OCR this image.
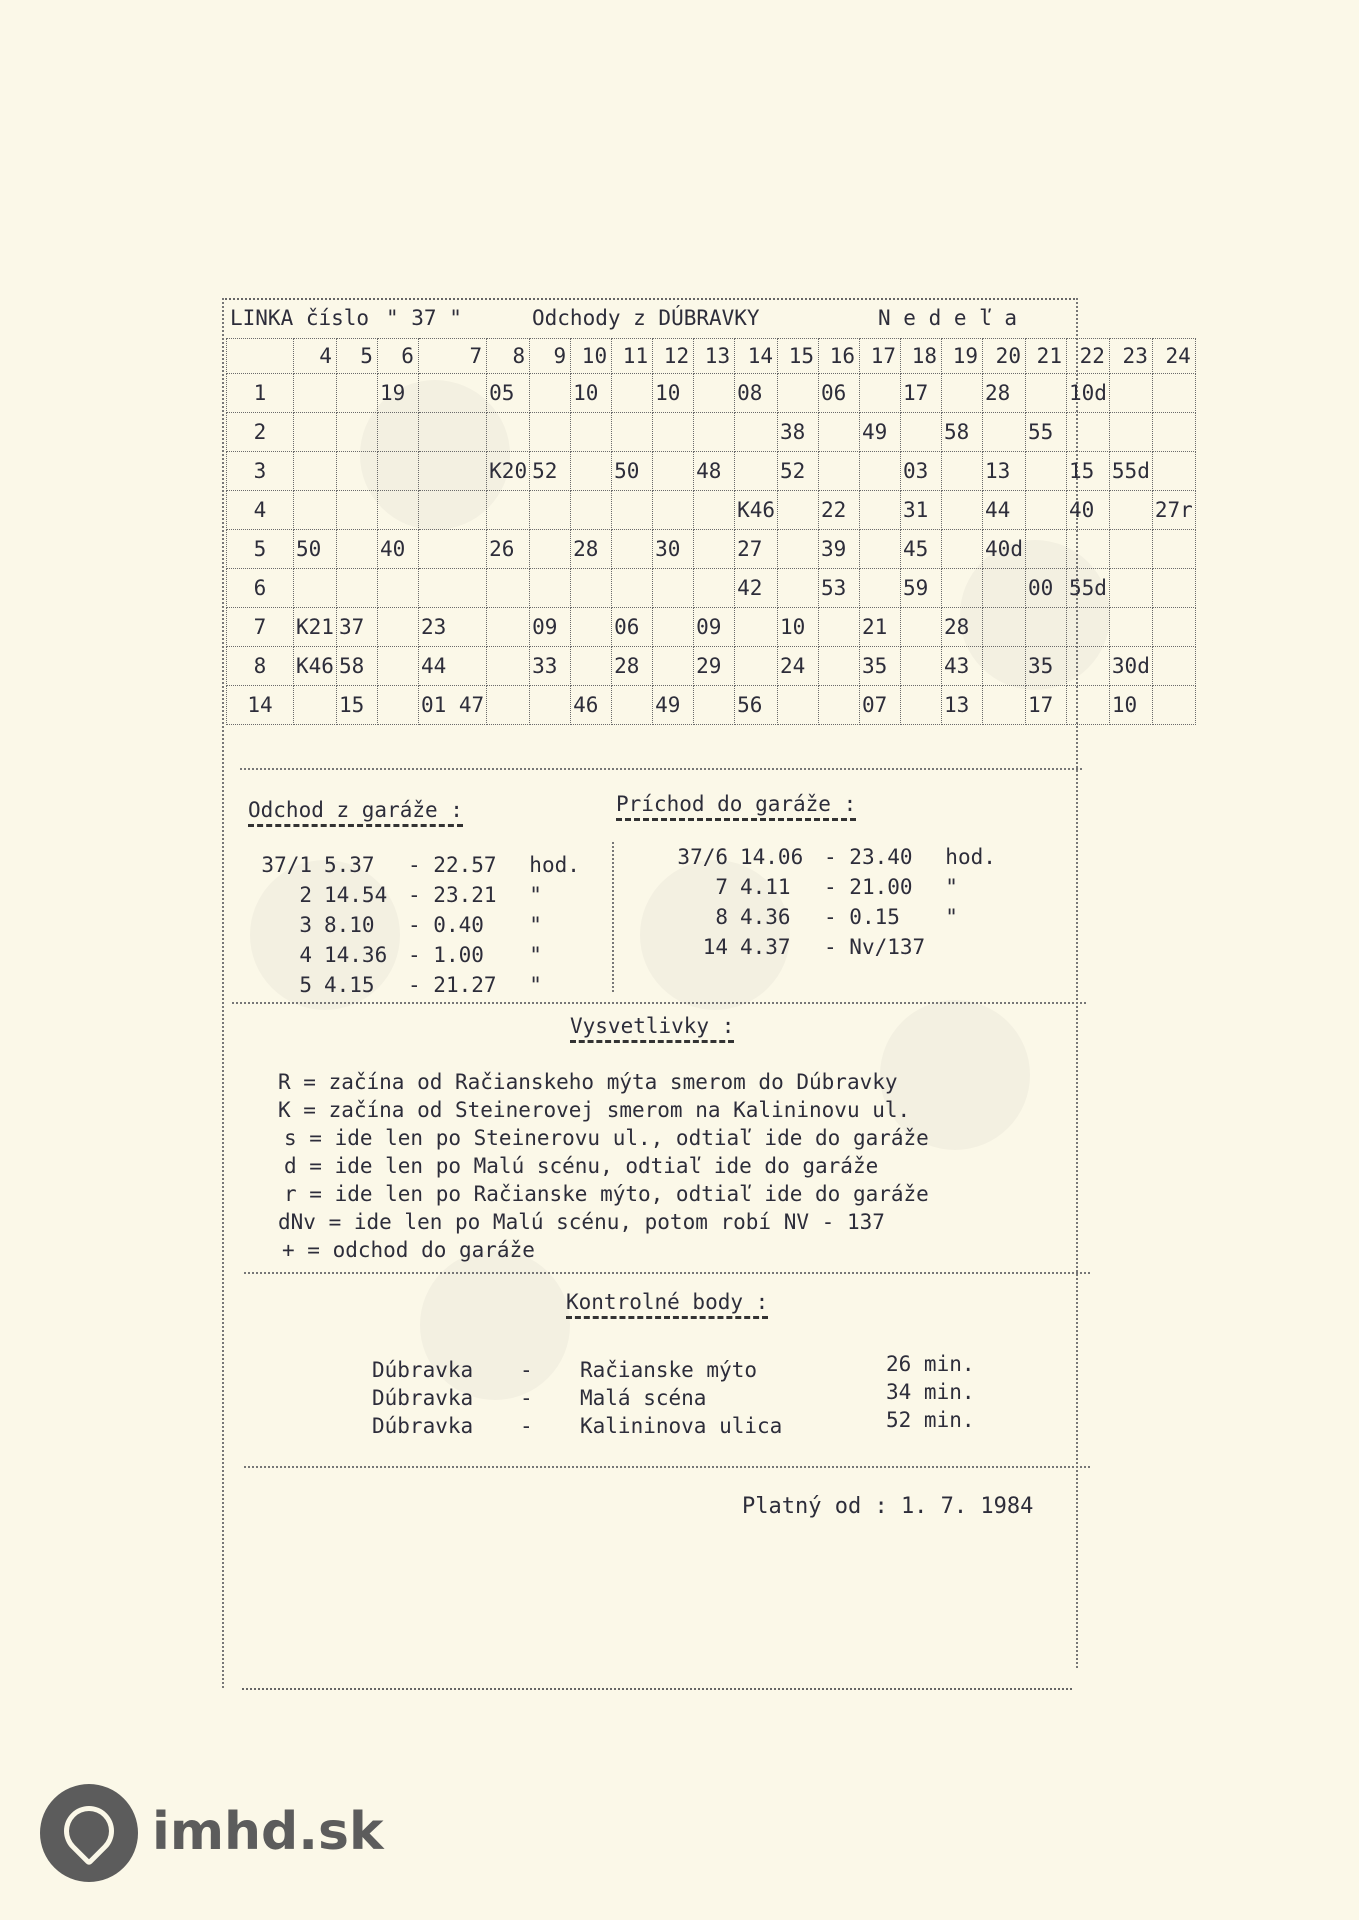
LINKA číslo " 37 "	Odchody z DÚBRAVKY	N e d e ľ a
	4	5	6	7	8	9	10	11	12	13	14	15	16	17	18	19	20	21	22	23	24
1			19		05		10		10		08		06		17		28		10d		
2												38		49		58		55			
3					K20	52		50		48		52			03		13		15	55d	
4											K46		22		31		44		40		27r
5	50		40		26		28		30		27		39		45		40d				
6											42		53		59			00	55d		
7	K21	37		23		09		06		09		10		21		28					
8	K46	58		44		33		28		29		24		35		43		35		30d	
14		15		01 47			46		49		56			07		13		17		10	
Odchod z garáže :	Príchod do garáže :
37/1 5.37 - 22.57 hod.
2 14.54 - 23.21 "
3 8.10 - 0.40 "
4 14.36 - 1.00 "
5 4.15 - 21.27 "
37/6 14.06 - 23.40 hod.
7 4.11 - 21.00 "
8 4.36 - 0.15 "
14 4.37 - Nv/137
Vysvetlivky :
R = začína od Račianskeho mýta smerom do Dúbravky
K = začína od Steinerovej smerom na Kalininovu ul.
s = ide len po Steinerovu ul., odtiaľ ide do garáže
d = ide len po Malú scénu, odtiaľ ide do garáže
r = ide len po Račianske mýto, odtiaľ ide do garáže
dNv = ide len po Malú scénu, potom robí NV - 137
+ = odchod do garáže
Kontrolné body :
Dúbravka - Račianske mýto	26 min.
Dúbravka - Malá scéna	34 min.
Dúbravka - Kalininova ulica	52 min.
Platný od : 1. 7. 1984
imhd.sk
